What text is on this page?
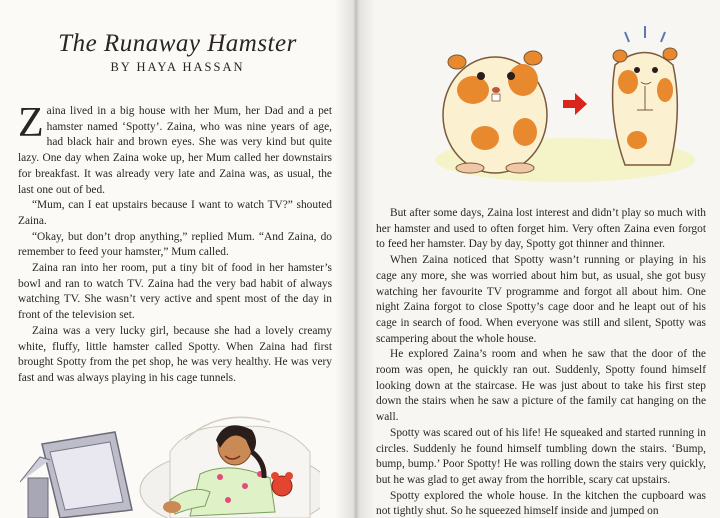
The Runaway Hamster
BY HAYA HASSAN

Zaina lived in a big house with her Mum, her Dad and a pet hamster named ‘Spotty’. Zaina, who was nine years of age, had black hair and brown eyes. She was very kind but quite lazy. One day when Zaina woke up, her Mum called her downstairs for breakfast. It was already very late and Zaina was, as usual, the last one out of bed.

“Mum, can I eat upstairs because I want to watch TV?” shouted Zaina.

“Okay, but don’t drop anything,” replied Mum. “And Zaina, do remember to feed your hamster,” Mum called.

Zaina ran into her room, put a tiny bit of food in her hamster’s bowl and ran to watch TV. Zaina had the very bad habit of always watching TV. She wasn’t very active and spent most of the day in front of the television set.

Zaina was a very lucky girl, because she had a lovely creamy white, fluffy, little hamster called Spotty. When Zaina had first brought Spotty from the pet shop, he was very healthy. He was very fast and was always playing in his cage tunnels.

But after some days, Zaina lost interest and didn’t play so much with her hamster and used to often forget him. Very often Zaina even forgot to feed her hamster. Day by day, Spotty got thinner and thinner.

When Zaina noticed that Spotty wasn’t running or playing in his cage any more, she was worried about him but, as usual, she got busy watching her favourite TV programme and forgot all about him. One night Zaina forgot to close Spotty’s cage door and he leapt out of his cage in search of food. When everyone was still and silent, Spotty was scampering about the whole house.

He explored Zaina’s room and when he saw that the door of the room was open, he quickly ran out. Suddenly, Spotty found himself looking down at the staircase. He was just about to take his first step down the stairs when he saw a picture of the family cat hanging on the wall.

Spotty was scared out of his life! He squeaked and started running in circles. Suddenly he found himself tumbling down the stairs. ‘Bump, bump, bump.’ Poor Spotty! He was rolling down the stairs very quickly, but he was glad to get away from the horrible, scary cat upstairs.

Spotty explored the whole house. In the kitchen the cupboard was not tightly shut. So he squeezed himself inside and jumped on
